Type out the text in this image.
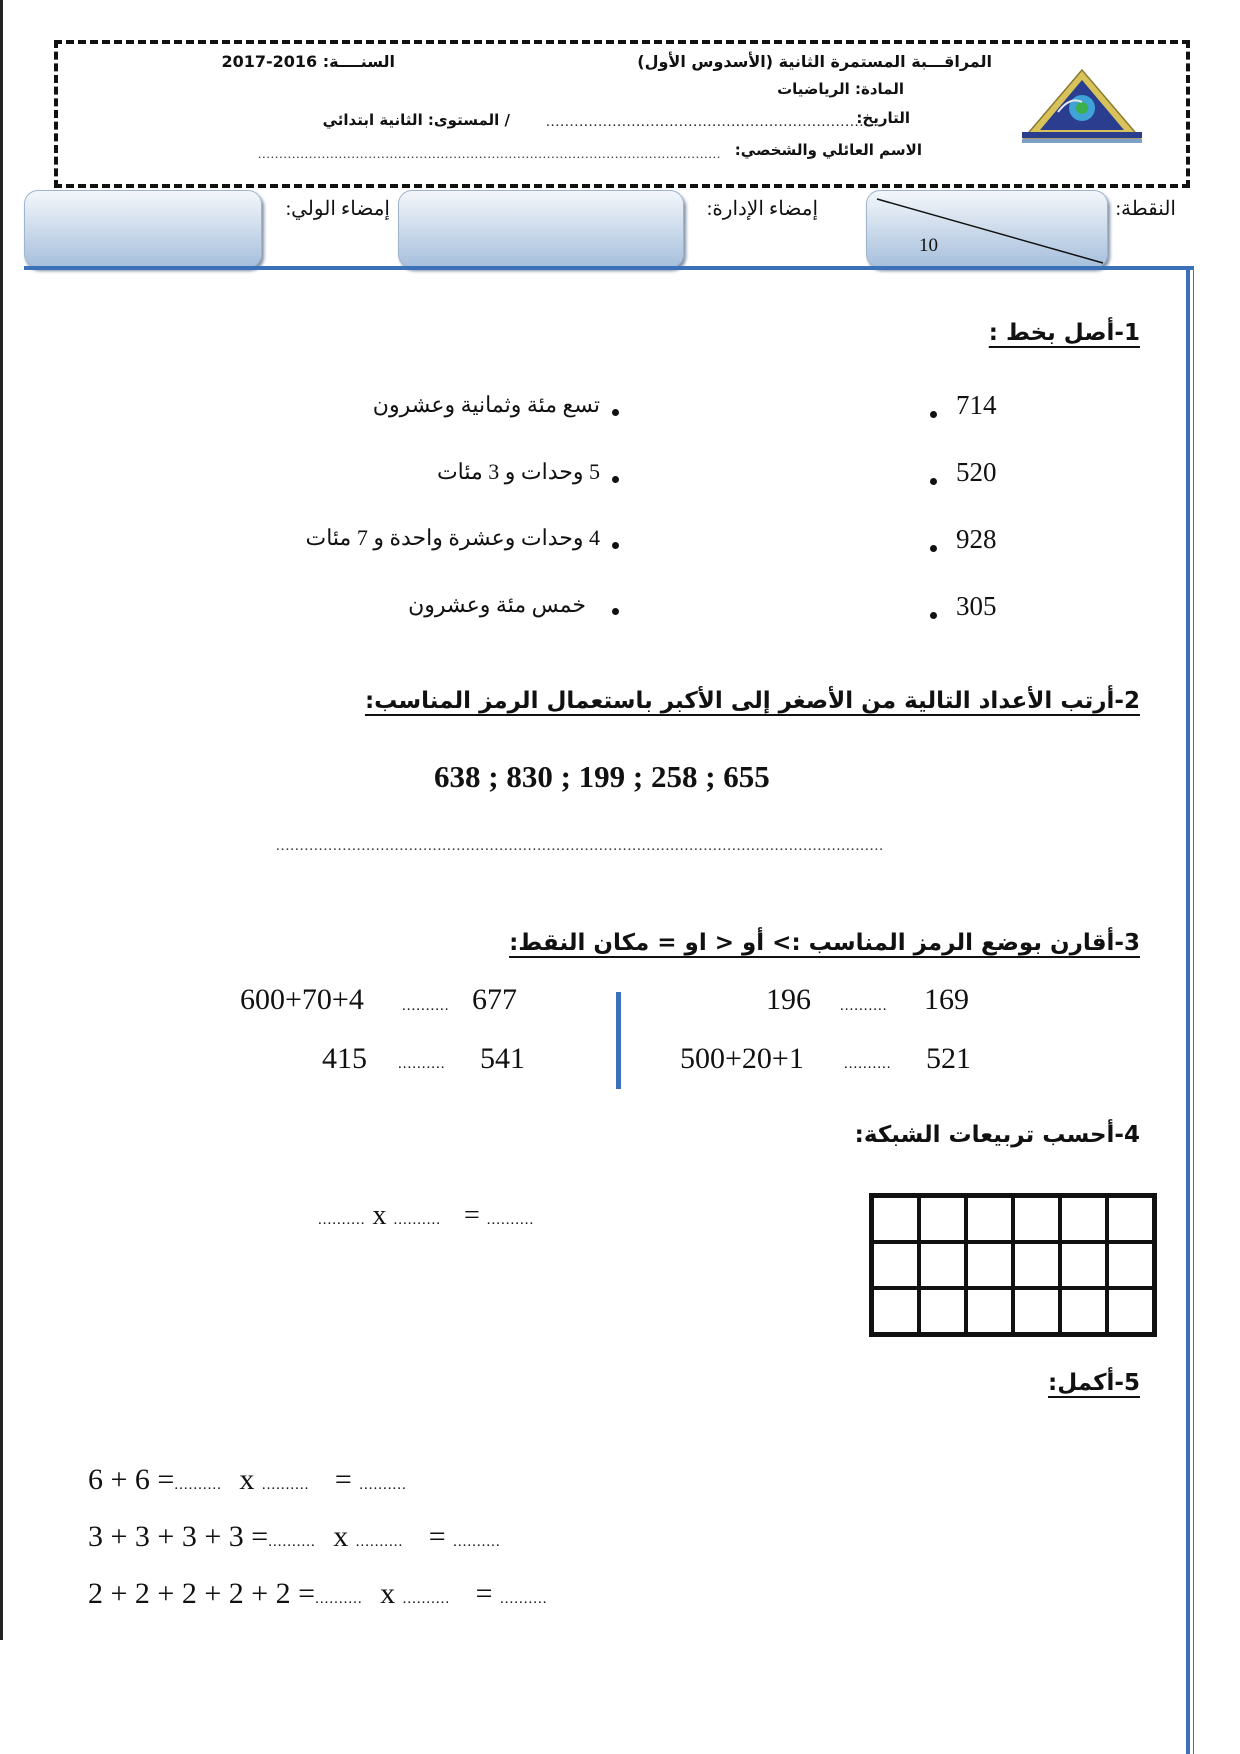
المراقـــبة المستمرة الثانية (الأسدوس الأول)
المادة: الرياضيات
التاريخ:
......................................................................
/ المستوى: الثانية ابتدائي
الاسم العائلي والشخصي:
.............................................................................................................
السنــــة: 2016-2017
النقطة:
10
إمضاء الإدارة:
إمضاء الولي:
1-أصل بخط :
714
520
928
305
تسع مئة وثمانية وعشرون
5 وحدات و 3 مئات
4 وحدات وعشرة واحدة و 7 مئات
خمس مئة وعشرون
2-أرتب الأعداد التالية من الأصغر إلى الأكبر باستعمال الرمز المناسب:
638 ; 830 ; 199 ; 258 ; 655
................................................................................................................................
3-أقارن بوضع الرمز المناسب :> أو < او = مكان النقط:
600+70+4	.......... 677
415 .......... 541
196 .......... 169
500+20+1	.......... 521
4-أحسب تربيعات الشبكة:
.......... x .......... = ..........
5-أكمل:
6 + 6 =.......... x .......... = ..........
3 + 3 + 3 + 3 =.......... x .......... = ..........
2 + 2 + 2 + 2 + 2 =.......... x .......... = ..........
